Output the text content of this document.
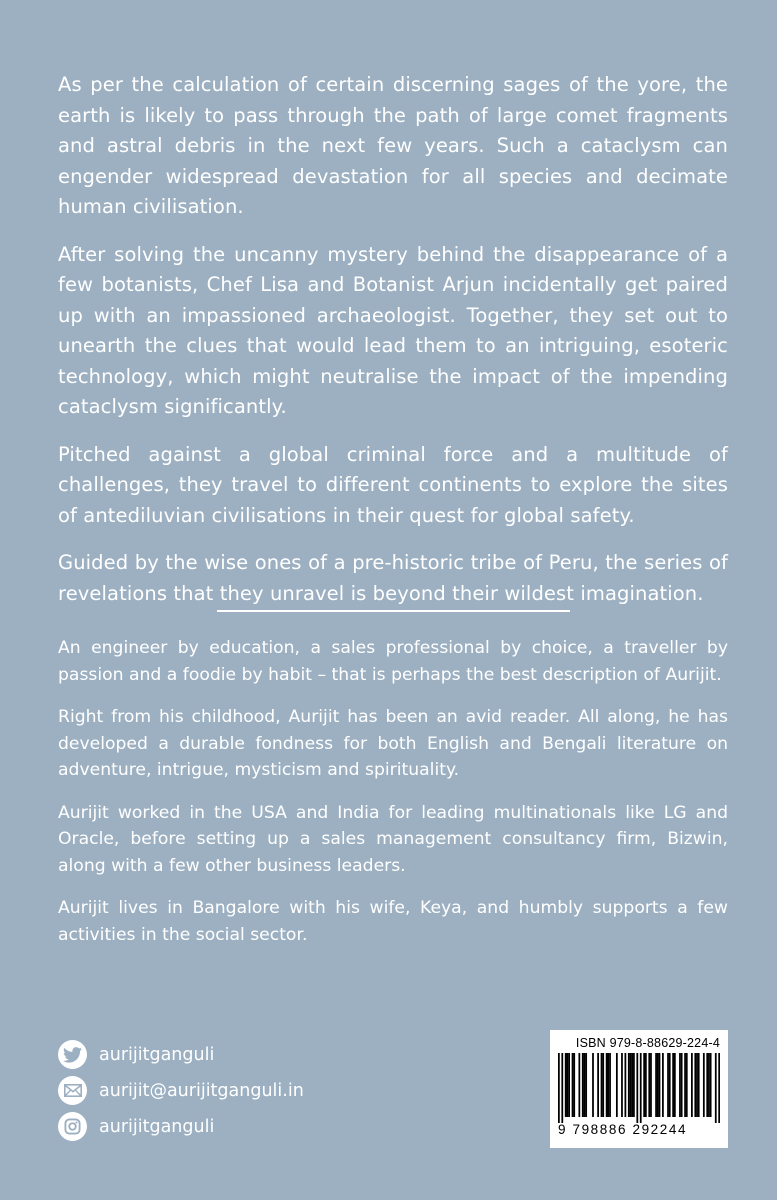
As per the calculation of certain discerning sages of the yore, the earth is likely to pass through the path of large comet fragments and astral debris in the next few years. Such a cataclysm can engender widespread devastation for all species and decimate human civilisation.

After solving the uncanny mystery behind the disappearance of a few botanists, Chef Lisa and Botanist Arjun incidentally get paired up with an impassioned archaeologist. Together, they set out to unearth the clues that would lead them to an intriguing, esoteric technology, which might neutralise the impact of the impending cataclysm significantly.

Pitched against a global criminal force and a multitude of challenges, they travel to different continents to explore the sites of antediluvian civilisations in their quest for global safety.

Guided by the wise ones of a pre-historic tribe of Peru, the series of revelations that they unravel is beyond their wildest imagination.

An engineer by education, a sales professional by choice, a traveller by passion and a foodie by habit – that is perhaps the best description of Aurijit.

Right from his childhood, Aurijit has been an avid reader. All along, he has developed a durable fondness for both English and Bengali literature on adventure, intrigue, mysticism and spirituality.

Aurijit worked in the USA and India for leading multinationals like LG and Oracle, before setting up a sales management consultancy firm, Bizwin, along with a few other business leaders.

Aurijit lives in Bangalore with his wife, Keya, and humbly supports a few activities in the social sector.

aurijitganguli
aurijit@aurijitganguli.in
aurijitganguli
ISBN 979-8-88629-224-4
9 798886 292244
